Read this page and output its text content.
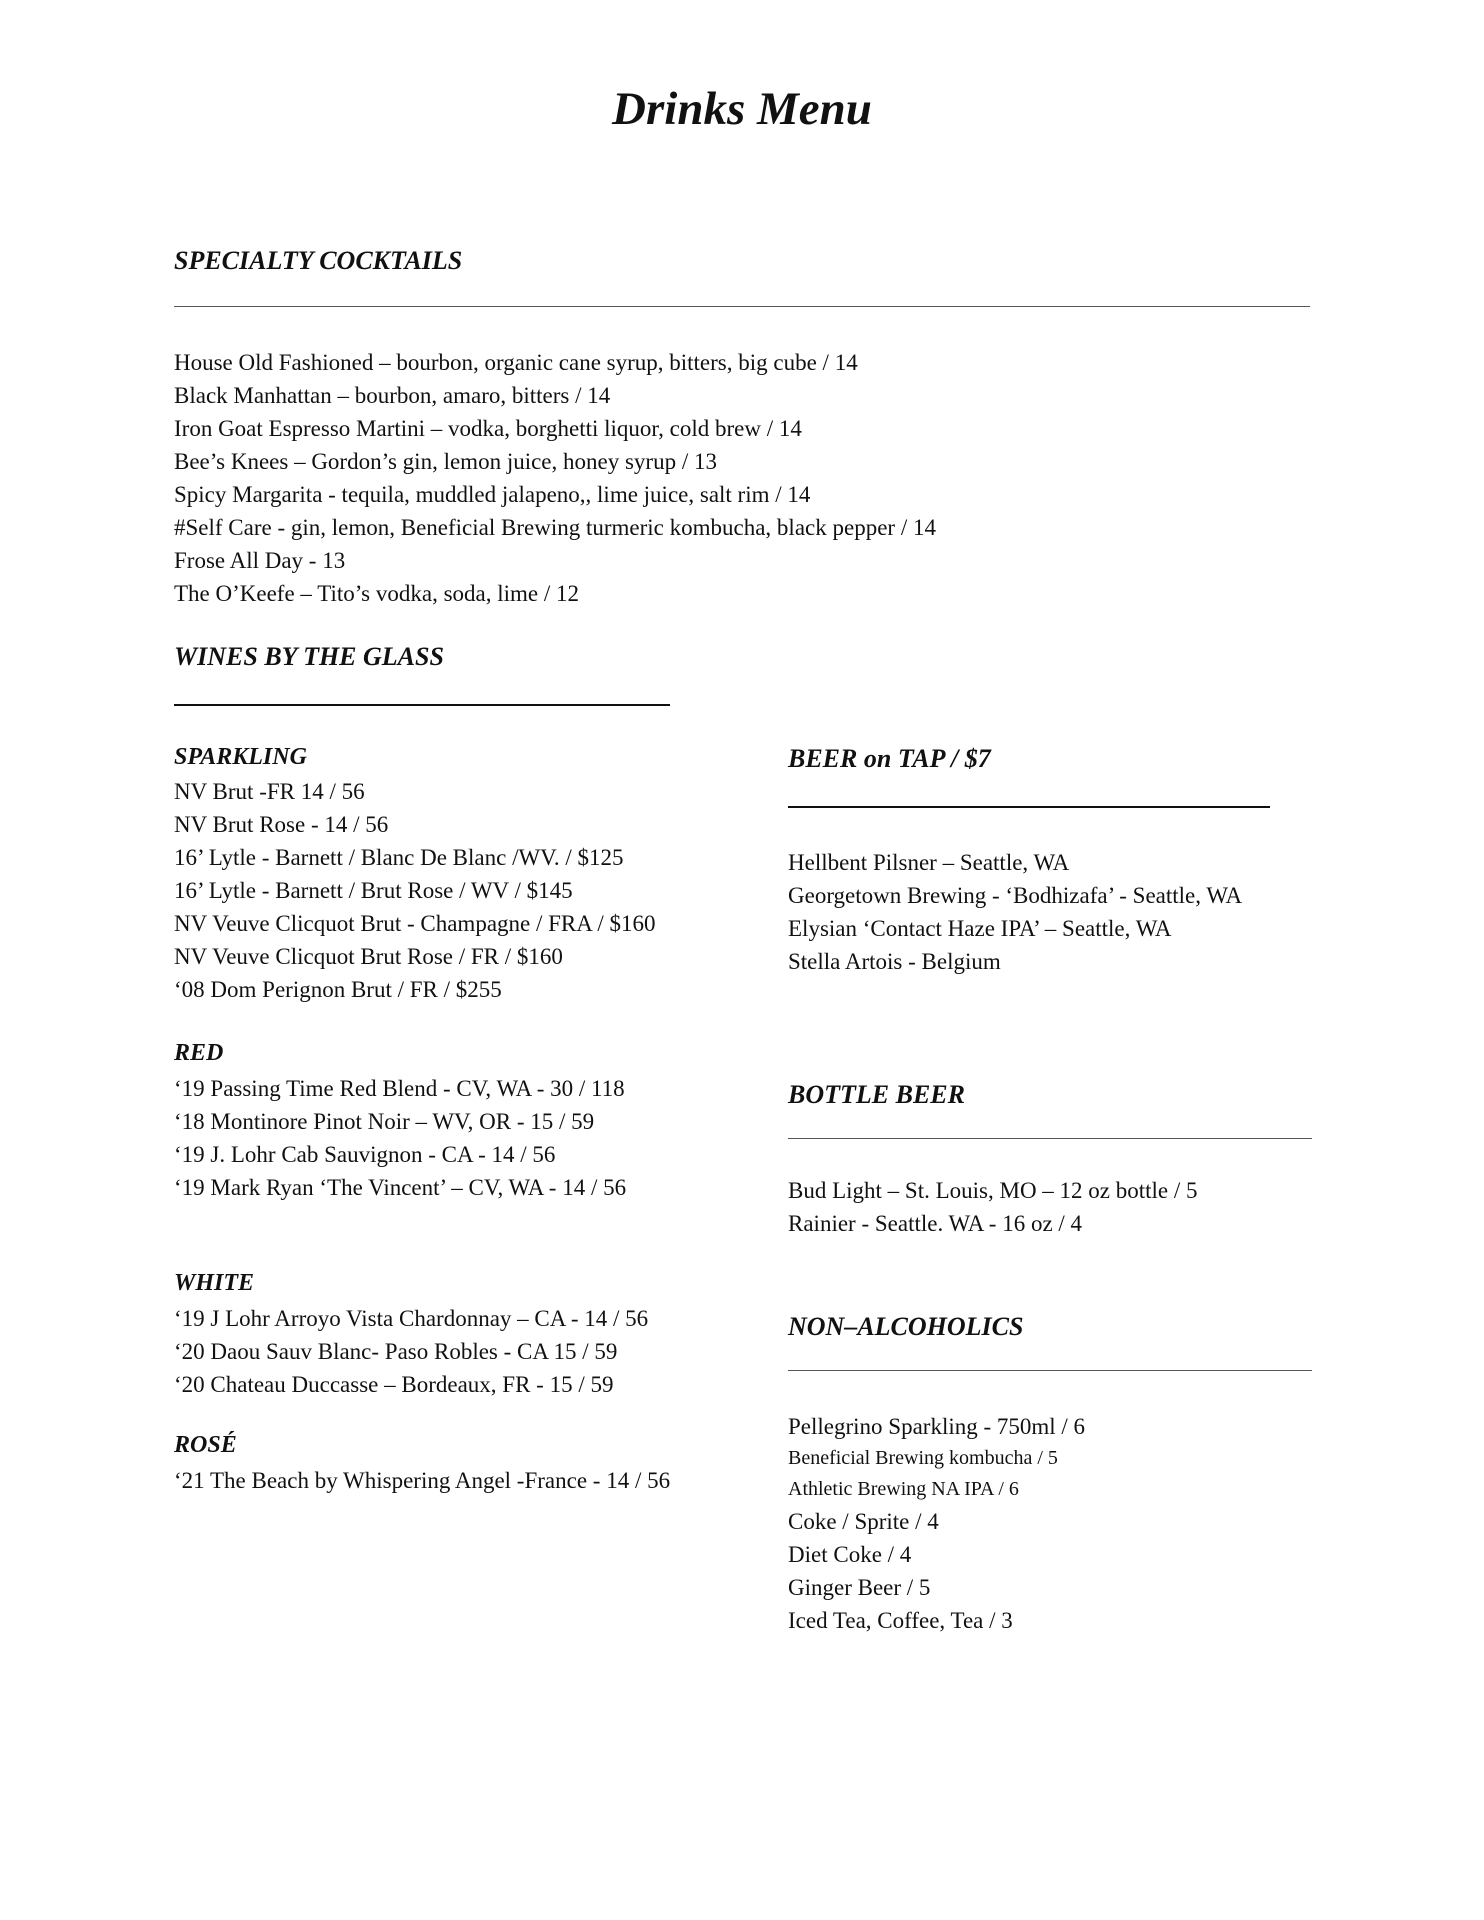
Drinks Menu
SPECIALTY COCKTAILS
House Old Fashioned – bourbon, organic cane syrup, bitters, big cube / 14
Black Manhattan – bourbon, amaro, bitters / 14
Iron Goat Espresso Martini – vodka, borghetti liquor, cold brew / 14
Bee’s Knees – Gordon’s gin, lemon juice, honey syrup / 13
Spicy Margarita - tequila, muddled jalapeno,, lime juice, salt rim / 14
#Self Care - gin, lemon, Beneficial Brewing turmeric kombucha, black pepper / 14
Frose All Day - 13
The O’Keefe – Tito’s vodka, soda, lime / 12
WINES BY THE GLASS
SPARKLING
NV Brut -FR 14 / 56
NV Brut Rose - 14 / 56
16’ Lytle - Barnett / Blanc De Blanc /WV. / $125
16’ Lytle - Barnett / Brut Rose / WV / $145
NV Veuve Clicquot Brut - Champagne / FRA / $160
NV Veuve Clicquot Brut Rose / FR / $160
‘08 Dom Perignon Brut / FR / $255
RED
‘19 Passing Time Red Blend - CV, WA - 30 / 118
‘18 Montinore Pinot Noir – WV, OR - 15 / 59
‘19 J. Lohr Cab Sauvignon - CA - 14 / 56
‘19 Mark Ryan ‘The Vincent’ – CV, WA - 14 / 56
WHITE
‘19 J Lohr Arroyo Vista Chardonnay – CA - 14 / 56
‘20 Daou Sauv Blanc- Paso Robles - CA 15 / 59
‘20 Chateau Duccasse – Bordeaux, FR - 15 / 59
ROSÉ
‘21 The Beach by Whispering Angel -France - 14 / 56
BEER on TAP / $7
Hellbent Pilsner – Seattle, WA
Georgetown Brewing - ‘Bodhizafa’ - Seattle, WA
Elysian ‘Contact Haze IPA’ – Seattle, WA
Stella Artois - Belgium
BOTTLE BEER
Bud Light – St. Louis, MO – 12 oz bottle / 5
Rainier - Seattle. WA - 16 oz / 4
NON–ALCOHOLICS
Pellegrino Sparkling - 750ml / 6
Beneficial Brewing kombucha / 5
Athletic Brewing NA IPA / 6
Coke / Sprite / 4
Diet Coke / 4
Ginger Beer / 5
Iced Tea, Coffee, Tea / 3
